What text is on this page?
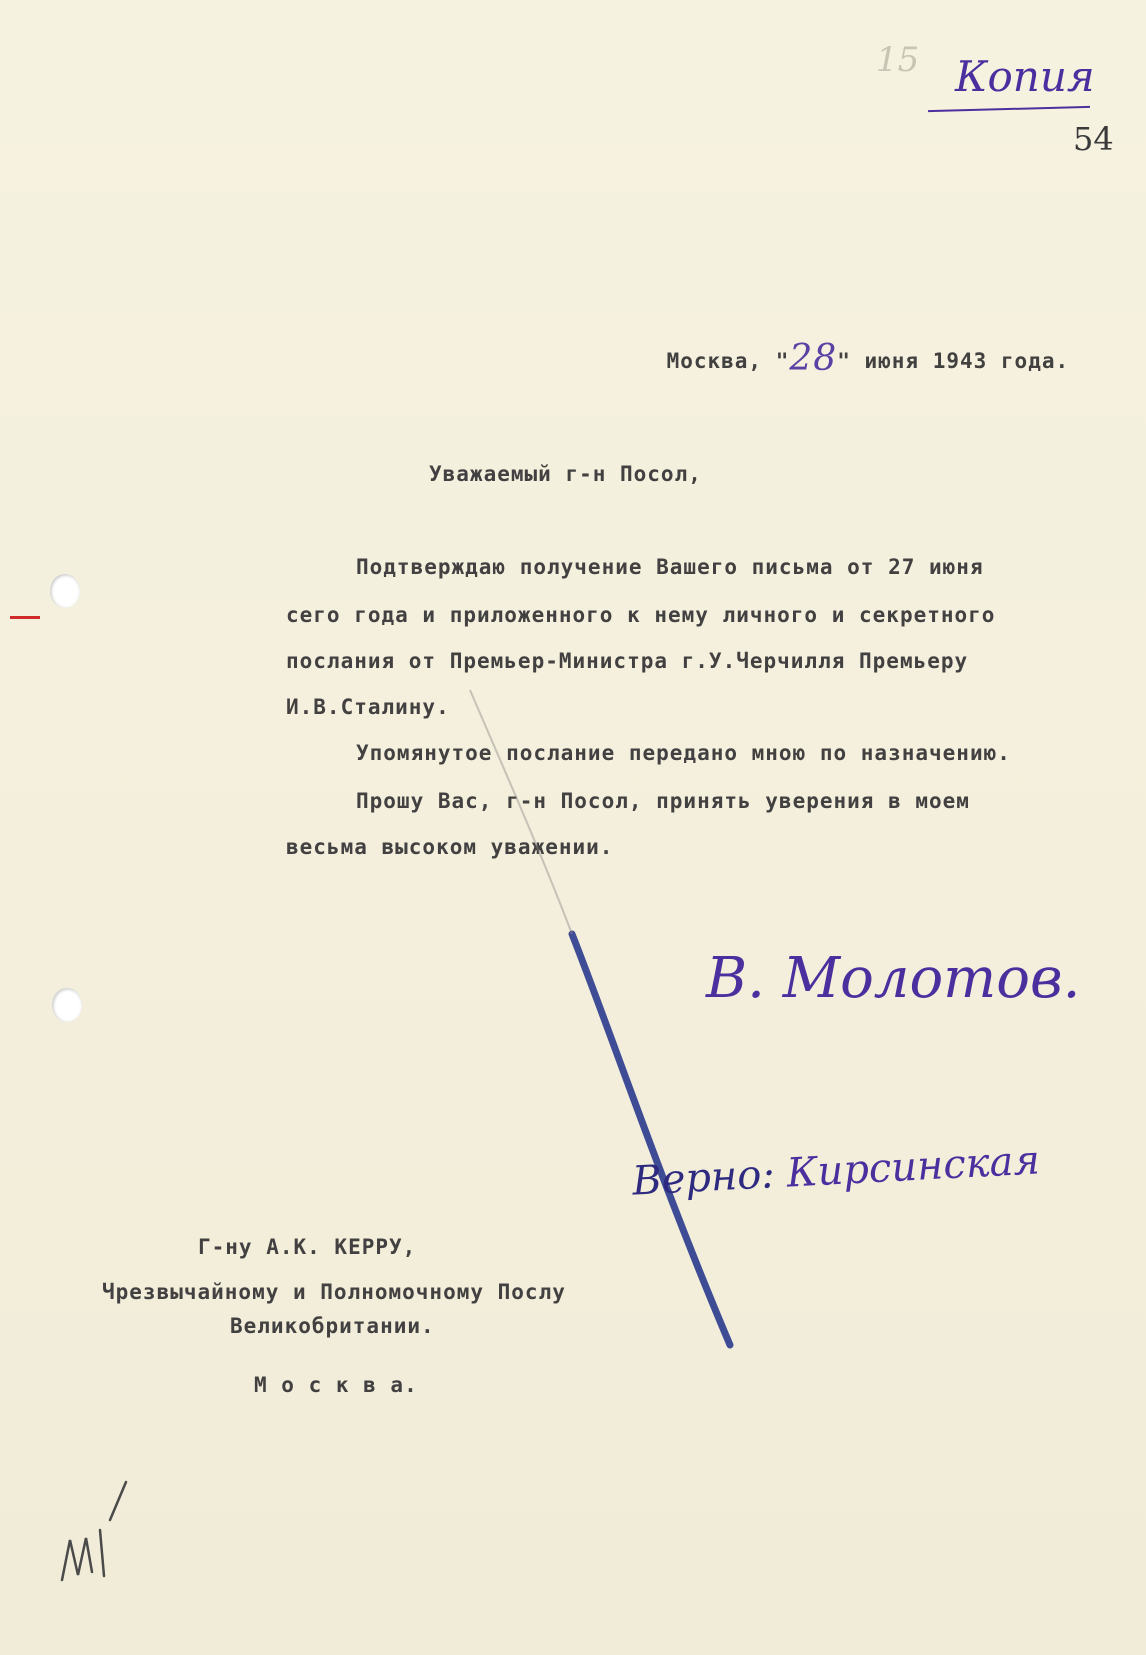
15 Копия
54

Москва, "28" июня 1943 года.

Уважаемый г-н Посол,
Подтверждаю получение Вашего письма от 27 июня
сего года и приложенного к нему личного и секретного
послания от Премьер-Министра г.У.Черчилля Премьеру
И.В.Сталину.
Упомянутое послание передано мною по назначению.
Прошу Вас, г-н Посол, принять уверения в моем
весьма высоком уважении.
В. Молотов.
Верно: Кирсинская
Г-ну А.К. КЕРРУ,
Чрезвычайному и Полномочному Послу
Великобритании.
М о с к в а.
